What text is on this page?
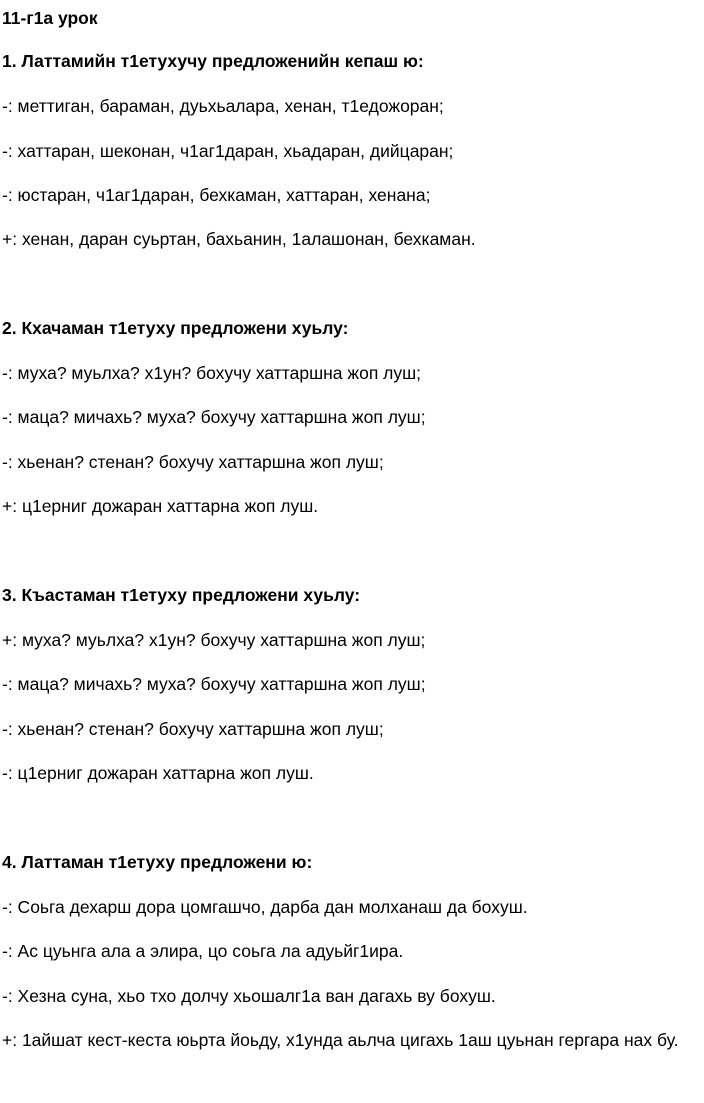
11-г1а урок
1. Латтамийн т1етухучу предложенийн кепаш ю:
-: меттиган, бараман, дуьхьалара, хенан, т1едожоран;
-: хаттаран, шеконан, ч1аг1даран, хьадаран, дийцаран;
-: юстаран, ч1аг1даран, бехкаман, хаттаран, хенана;
+: хенан, даран суьртан, бахьанин, 1алашонан, бехкаман.
2. Кхачаман т1етуху предложени хуьлу:
-: муха? муьлха? х1ун? бохучу хаттаршна жоп луш;
-: маца? мичахь? муха? бохучу хаттаршна жоп луш;
-: хьенан? стенан? бохучу хаттаршна жоп луш;
+: ц1ерниг дожаран хаттарна жоп луш.
3. Къастаман т1етуху предложени хуьлу:
+: муха? муьлха? х1ун? бохучу хаттаршна жоп луш;
-: маца? мичахь? муха? бохучу хаттаршна жоп луш;
-: хьенан? стенан? бохучу хаттаршна жоп луш;
-: ц1ерниг дожаран хаттарна жоп луш.
4. Латтаман т1етуху предложени ю:
-: Соьга дехарш дора цомгашчо, дарба дан молханаш да бохуш.
-: Ас цуьнга ала а элира, цо соьга ла адуьйг1ира.
-: Хезна суна, хьо тхо долчу хьошалг1а ван дагахь ву бохуш.
+: 1айшат кест-кеста юьрта йоьду, х1унда аьлча цигахь 1аш цуьнан гергара нах бу.
